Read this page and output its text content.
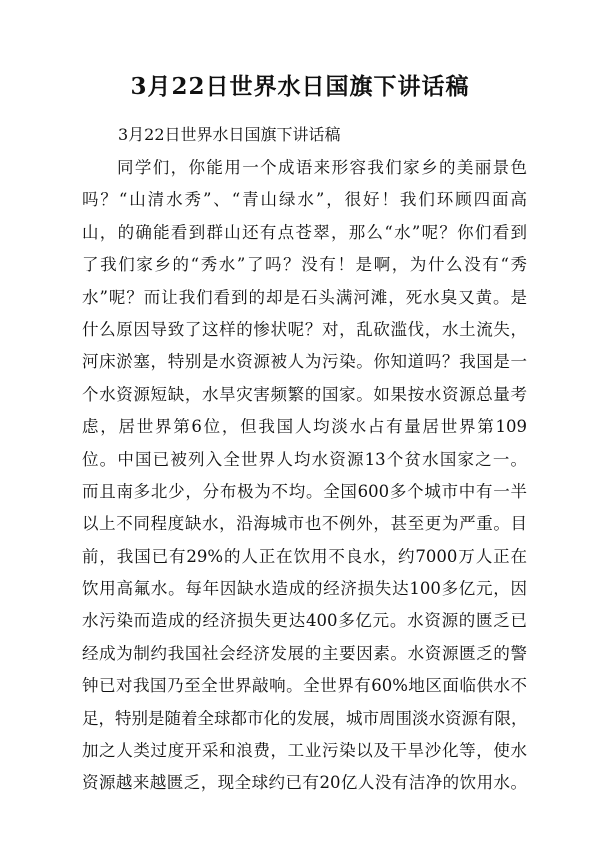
3月22日世界水日国旗下讲话稿
3月22日世界水日国旗下讲话稿
同学们，你能用一个成语来形容我们家乡的美丽景色
吗？“山清水秀”、“青山绿水”，很好！我们环顾四面高
山，的确能看到群山还有点苍翠，那么“水”呢？你们看到
了我们家乡的“秀水”了吗？没有！是啊，为什么没有“秀
水”呢？而让我们看到的却是石头满河滩，死水臭又黄。是
什么原因导致了这样的惨状呢？对，乱砍滥伐，水土流失，
河床淤塞，特别是水资源被人为污染。你知道吗？我国是一
个水资源短缺，水旱灾害频繁的国家。如果按水资源总量考
虑，居世界第6位，但我国人均淡水占有量居世界第109
位。中国已被列入全世界人均水资源13个贫水国家之一。
而且南多北少，分布极为不均。全国600多个城市中有一半
以上不同程度缺水，沿海城市也不例外，甚至更为严重。目
前，我国已有29%的人正在饮用不良水，约7000万人正在
饮用高氟水。每年因缺水造成的经济损失达100多亿元，因
水污染而造成的经济损失更达400多亿元。水资源的匮乏已
经成为制约我国社会经济发展的主要因素。水资源匮乏的警
钟已对我国乃至全世界敲响。全世界有60%地区面临供水不
足，特别是随着全球都市化的发展，城市周围淡水资源有限，
加之人类过度开采和浪费，工业污染以及干旱沙化等，使水
资源越来越匮乏，现全球约已有20亿人没有洁净的饮用水。
